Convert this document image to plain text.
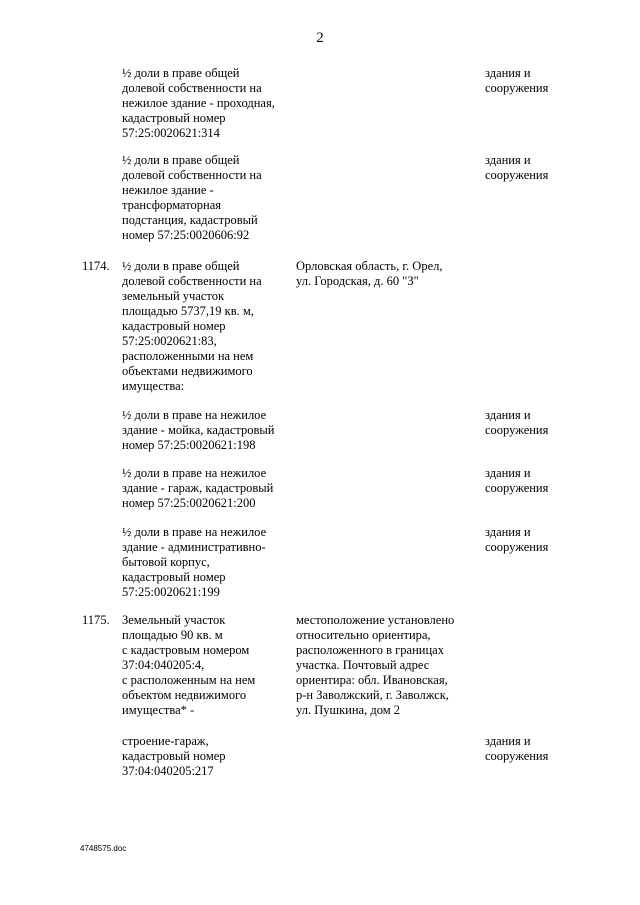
2
½ доли в праве общей
долевой собственности на
нежилое здание - проходная,
кадастровый номер
57:25:0020621:314
здания и
сооружения
½ доли в праве общей
долевой собственности на
нежилое здание -
трансформаторная
подстанция, кадастровый
номер 57:25:0020606:92
здания и
сооружения
1174. ½ доли в праве общей
долевой собственности на
земельный участок
площадью 5737,19 кв. м,
кадастровый номер
57:25:0020621:83,
расположенными на нем
объектами недвижимого
имущества:
Орловская область, г. Орел,
ул. Городская, д. 60 "З"
½ доли в праве на нежилое
здание - мойка, кадастровый
номер 57:25:0020621:198
здания и
сооружения
½ доли в праве на нежилое
здание - гараж, кадастровый
номер 57:25:0020621:200
здания и
сооружения
½ доли в праве на нежилое
здание - административно-
бытовой корпус,
кадастровый номер
57:25:0020621:199
здания и
сооружения
1175. Земельный участок
площадью 90 кв. м
с кадастровым номером
37:04:040205:4,
с расположенным на нем
объектом недвижимого
имущества* -
местоположение установлено
относительно ориентира,
расположенного в границах
участка. Почтовый адрес
ориентира: обл. Ивановская,
р-н Заволжский, г. Заволжск,
ул. Пушкина, дом 2
строение-гараж,
кадастровый номер
37:04:040205:217
здания и
сооружения
4748575.doc
